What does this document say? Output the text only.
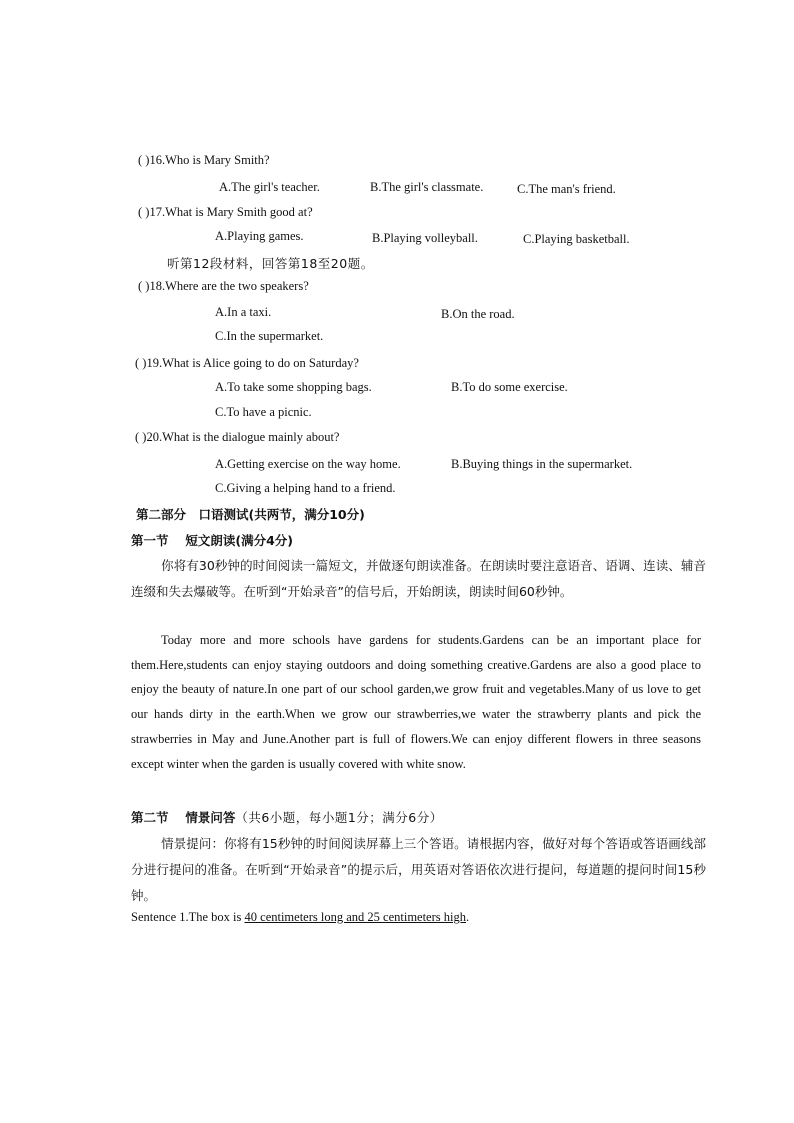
( )16.Who is Mary Smith?
A.The girl's teacher.	B.The girl's classmate.	C.The man's friend.
( )17.What is Mary Smith good at?
A.Playing games.	B.Playing volleyball.	C.Playing basketball.
听第12段材料，回答第18至20题。
( )18.Where are the two speakers?
A.In a taxi.	B.On the road.
C.In the supermarket.
( )19.What is Alice going to do on Saturday?
A.To take some shopping bags.	B.To do some exercise.
C.To have a picnic.
( )20.What is the dialogue mainly about?
A.Getting exercise on the way home.	B.Buying things in the supermarket.
C.Giving a helping hand to a friend.
第二部分　口语测试(共两节，满分10分)
第一节　 短文朗读(满分4分)
你将有30秒钟的时间阅读一篇短文，并做逐句朗读准备。在朗读时要注意语音、语调、连读、辅音连缀和失去爆破等。在听到“开始录音”的信号后，开始朗读，朗读时间60秒钟。
Today more and more schools have gardens for students.Gardens can be an important place for them.Here,students can enjoy staying outdoors and doing something creative.Gardens are also a good place to enjoy the beauty of nature.In one part of our school garden,we grow fruit and vegetables.Many of us love to get our hands dirty in the earth.When we grow our strawberries,we water the strawberry plants and pick the strawberries in May and June.Another part is full of flowers.We can enjoy different flowers in three seasons except winter when the garden is usually covered with white snow.
第二节　 情景问答（共6小题，每小题1分；满分6分）
情景提问：你将有15秒钟的时间阅读屏幕上三个答语。请根据内容，做好对每个答语或答语画线部分进行提问的准备。在听到“开始录音”的提示后，用英语对答语依次进行提问，每道题的提问时间15秒钟。
Sentence 1.The box is 40 centimeters long and 25 centimeters high.
